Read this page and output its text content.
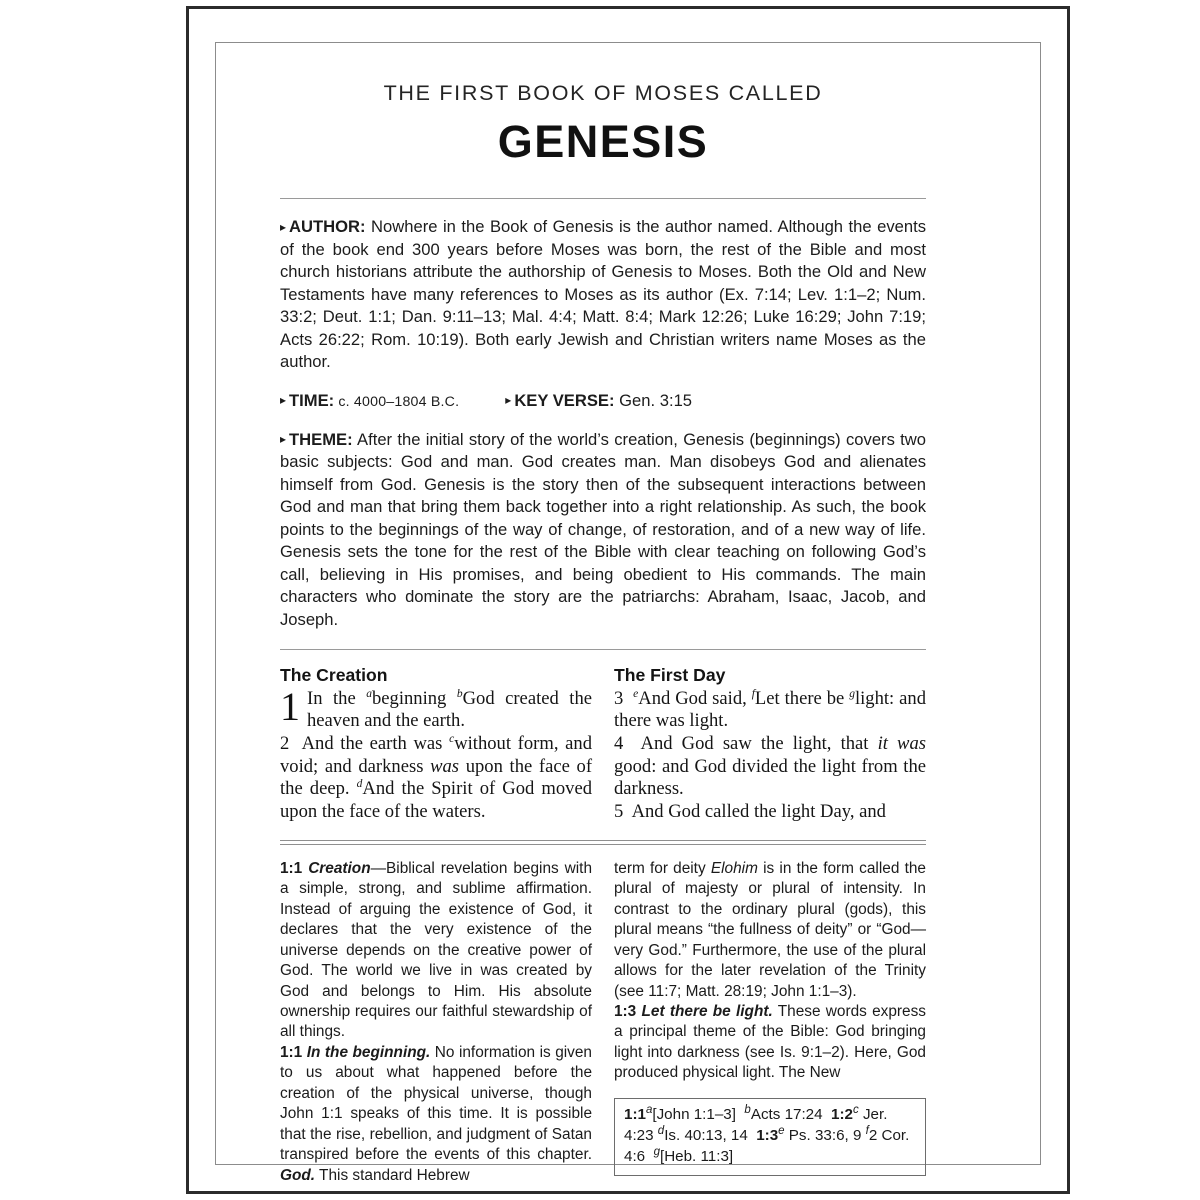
THE FIRST BOOK OF MOSES CALLED
GENESIS

▸ AUTHOR: Nowhere in the Book of Genesis is the author named. Although the events of the book end 300 years before Moses was born, the rest of the Bible and most church historians attribute the authorship of Genesis to Moses. Both the Old and New Testaments have many references to Moses as its author (Ex. 7:14; Lev. 1:1–2; Num. 33:2; Deut. 1:1; Dan. 9:11–13; Mal. 4:4; Matt. 8:4; Mark 12:26; Luke 16:29; John 7:19; Acts 26:22; Rom. 10:19). Both early Jewish and Christian writers name Moses as the author.

▸ TIME: c. 4000–1804 B.C.	▸ KEY VERSE: Gen. 3:15

▸ THEME: After the initial story of the world’s creation, Genesis (beginnings) covers two basic subjects: God and man. God creates man. Man disobeys God and alienates himself from God. Genesis is the story then of the subsequent interactions between God and man that bring them back together into a right relationship. As such, the book points to the beginnings of the way of change, of restoration, and of a new way of life. Genesis sets the tone for the rest of the Bible with clear teaching on following God’s call, believing in His promises, and being obedient to His commands. The main characters who dominate the story are the patriarchs: Abraham, Isaac, Jacob, and Joseph.

The Creation
1 In the $^a$beginning $^b$God created the heaven and the earth.
2  And the earth was $^c$without form, and void; and darkness was upon the face of the deep. $^d$And the Spirit of God moved upon the face of the waters.
The First Day
3 $^e$And God said, $^f$Let there be $^g$light: and there was light.
4  And God saw the light, that it was good: and God divided the light from the darkness.
5  And God called the light Day, and
1:1 Creation—Biblical revelation begins with a simple, strong, and sublime affirmation. Instead of arguing the existence of God, it declares that the very existence of the universe depends on the creative power of God. The world we live in was created by God and belongs to Him. His absolute ownership requires our faithful stewardship of all things.
1:1 In the beginning. No information is given to us about what happened before the creation of the physical universe, though John 1:1 speaks of this time. It is possible that the rise, rebellion, and judgment of Satan transpired before the events of this chapter. God. This standard Hebrew
term for deity Elohim is in the form called the plural of majesty or plural of intensity. In contrast to the ordinary plural (gods), this plural means “the fullness of deity” or “God—very God.” Furthermore, the use of the plural allows for the later revelation of the Trinity (see 11:7; Matt. 28:19; John 1:1–3).
1:3 Let there be light. These words express a principal theme of the Bible: God bringing light into darkness (see Is. 9:1–2). Here, God produced physical light. The New
1:1$^a$[John 1:1–3]  $^b$Acts 17:24  1:2$^c$ Jer. 4:23 $^d$Is. 40:13, 14  1:3e Ps. 33:6, 9 $^f$2 Cor. 4:6  $^g$[Heb. 11:3]
